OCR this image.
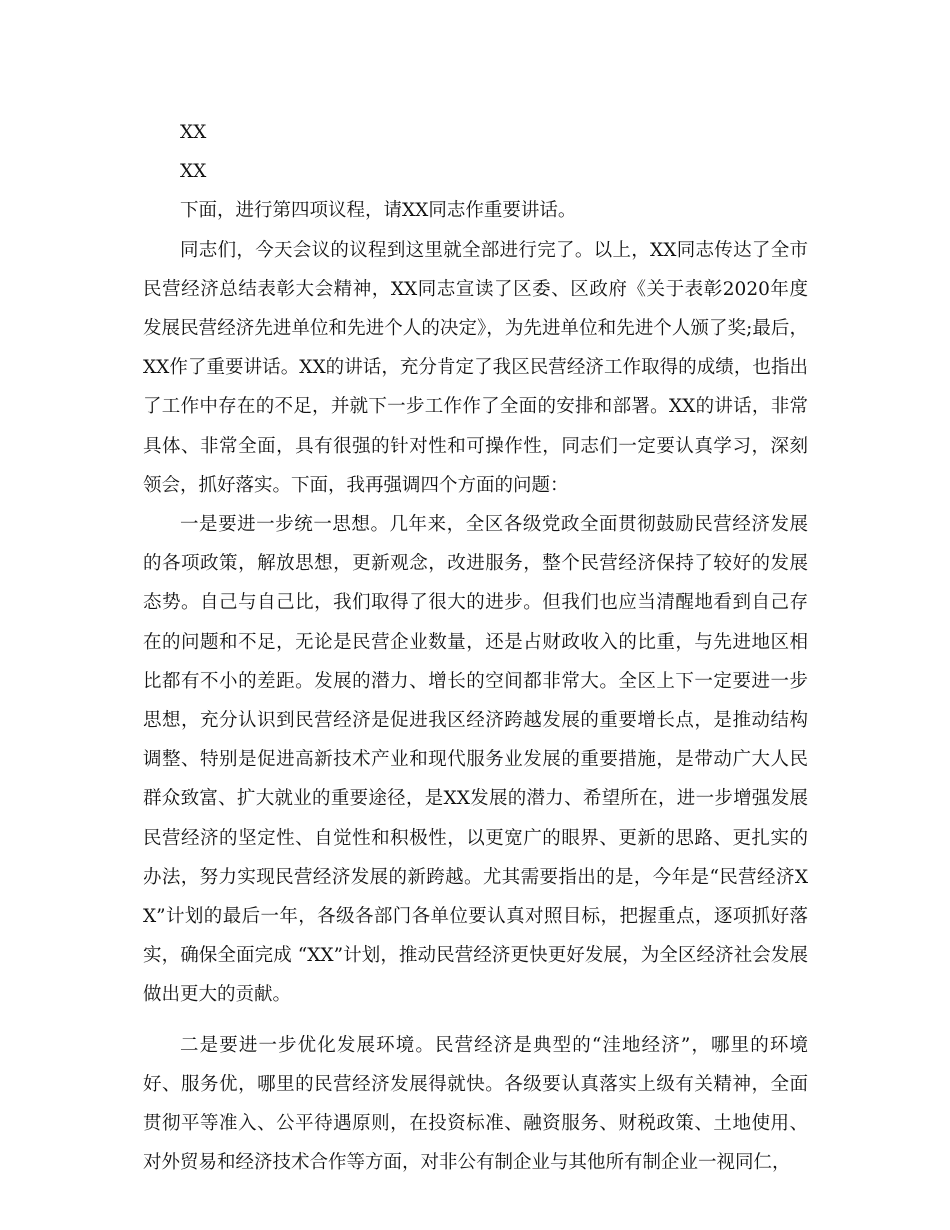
XX

XX

下面，进行第四项议程，请XX同志作重要讲话。

同志们，今天会议的议程到这里就全部进行完了。以上，XX同志传达了全市民营经济总结表彰大会精神，XX同志宣读了区委、区政府《关于表彰2020年度发展民营经济先进单位和先进个人的决定》，为先进单位和先进个人颁了奖;最后，XX作了重要讲话。XX的讲话，充分肯定了我区民营经济工作取得的成绩，也指出了工作中存在的不足，并就下一步工作作了全面的安排和部署。XX的讲话，非常具体、非常全面，具有很强的针对性和可操作性，同志们一定要认真学习，深刻领会，抓好落实。下面，我再强调四个方面的问题：

一是要进一步统一思想。几年来，全区各级党政全面贯彻鼓励民营经济发展的各项政策，解放思想，更新观念，改进服务，整个民营经济保持了较好的发展态势。自己与自己比，我们取得了很大的进步。但我们也应当清醒地看到自己存在的问题和不足，无论是民营企业数量，还是占财政收入的比重，与先进地区相比都有不小的差距。发展的潜力、增长的空间都非常大。全区上下一定要进一步思想，充分认识到民营经济是促进我区经济跨越发展的重要增长点，是推动结构调整、特别是促进高新技术产业和现代服务业发展的重要措施，是带动广大人民群众致富、扩大就业的重要途径，是XX发展的潜力、希望所在，进一步增强发展民营经济的坚定性、自觉性和积极性，以更宽广的眼界、更新的思路、更扎实的办法，努力实现民营经济发展的新跨越。尤其需要指出的是，今年是“民营经济XX”计划的最后一年，各级各部门各单位要认真对照目标，把握重点，逐项抓好落实，确保全面完成 “XX”计划，推动民营经济更快更好发展，为全区经济社会发展做出更大的贡献。

二是要进一步优化发展环境。民营经济是典型的“洼地经济”，哪里的环境好、服务优，哪里的民营经济发展得就快。各级要认真落实上级有关精神，全面贯彻平等准入、公平待遇原则，在投资标准、融资服务、财税政策、土地使用、对外贸易和经济技术合作等方面，对非公有制企业与其他所有制企业一视同仁，
